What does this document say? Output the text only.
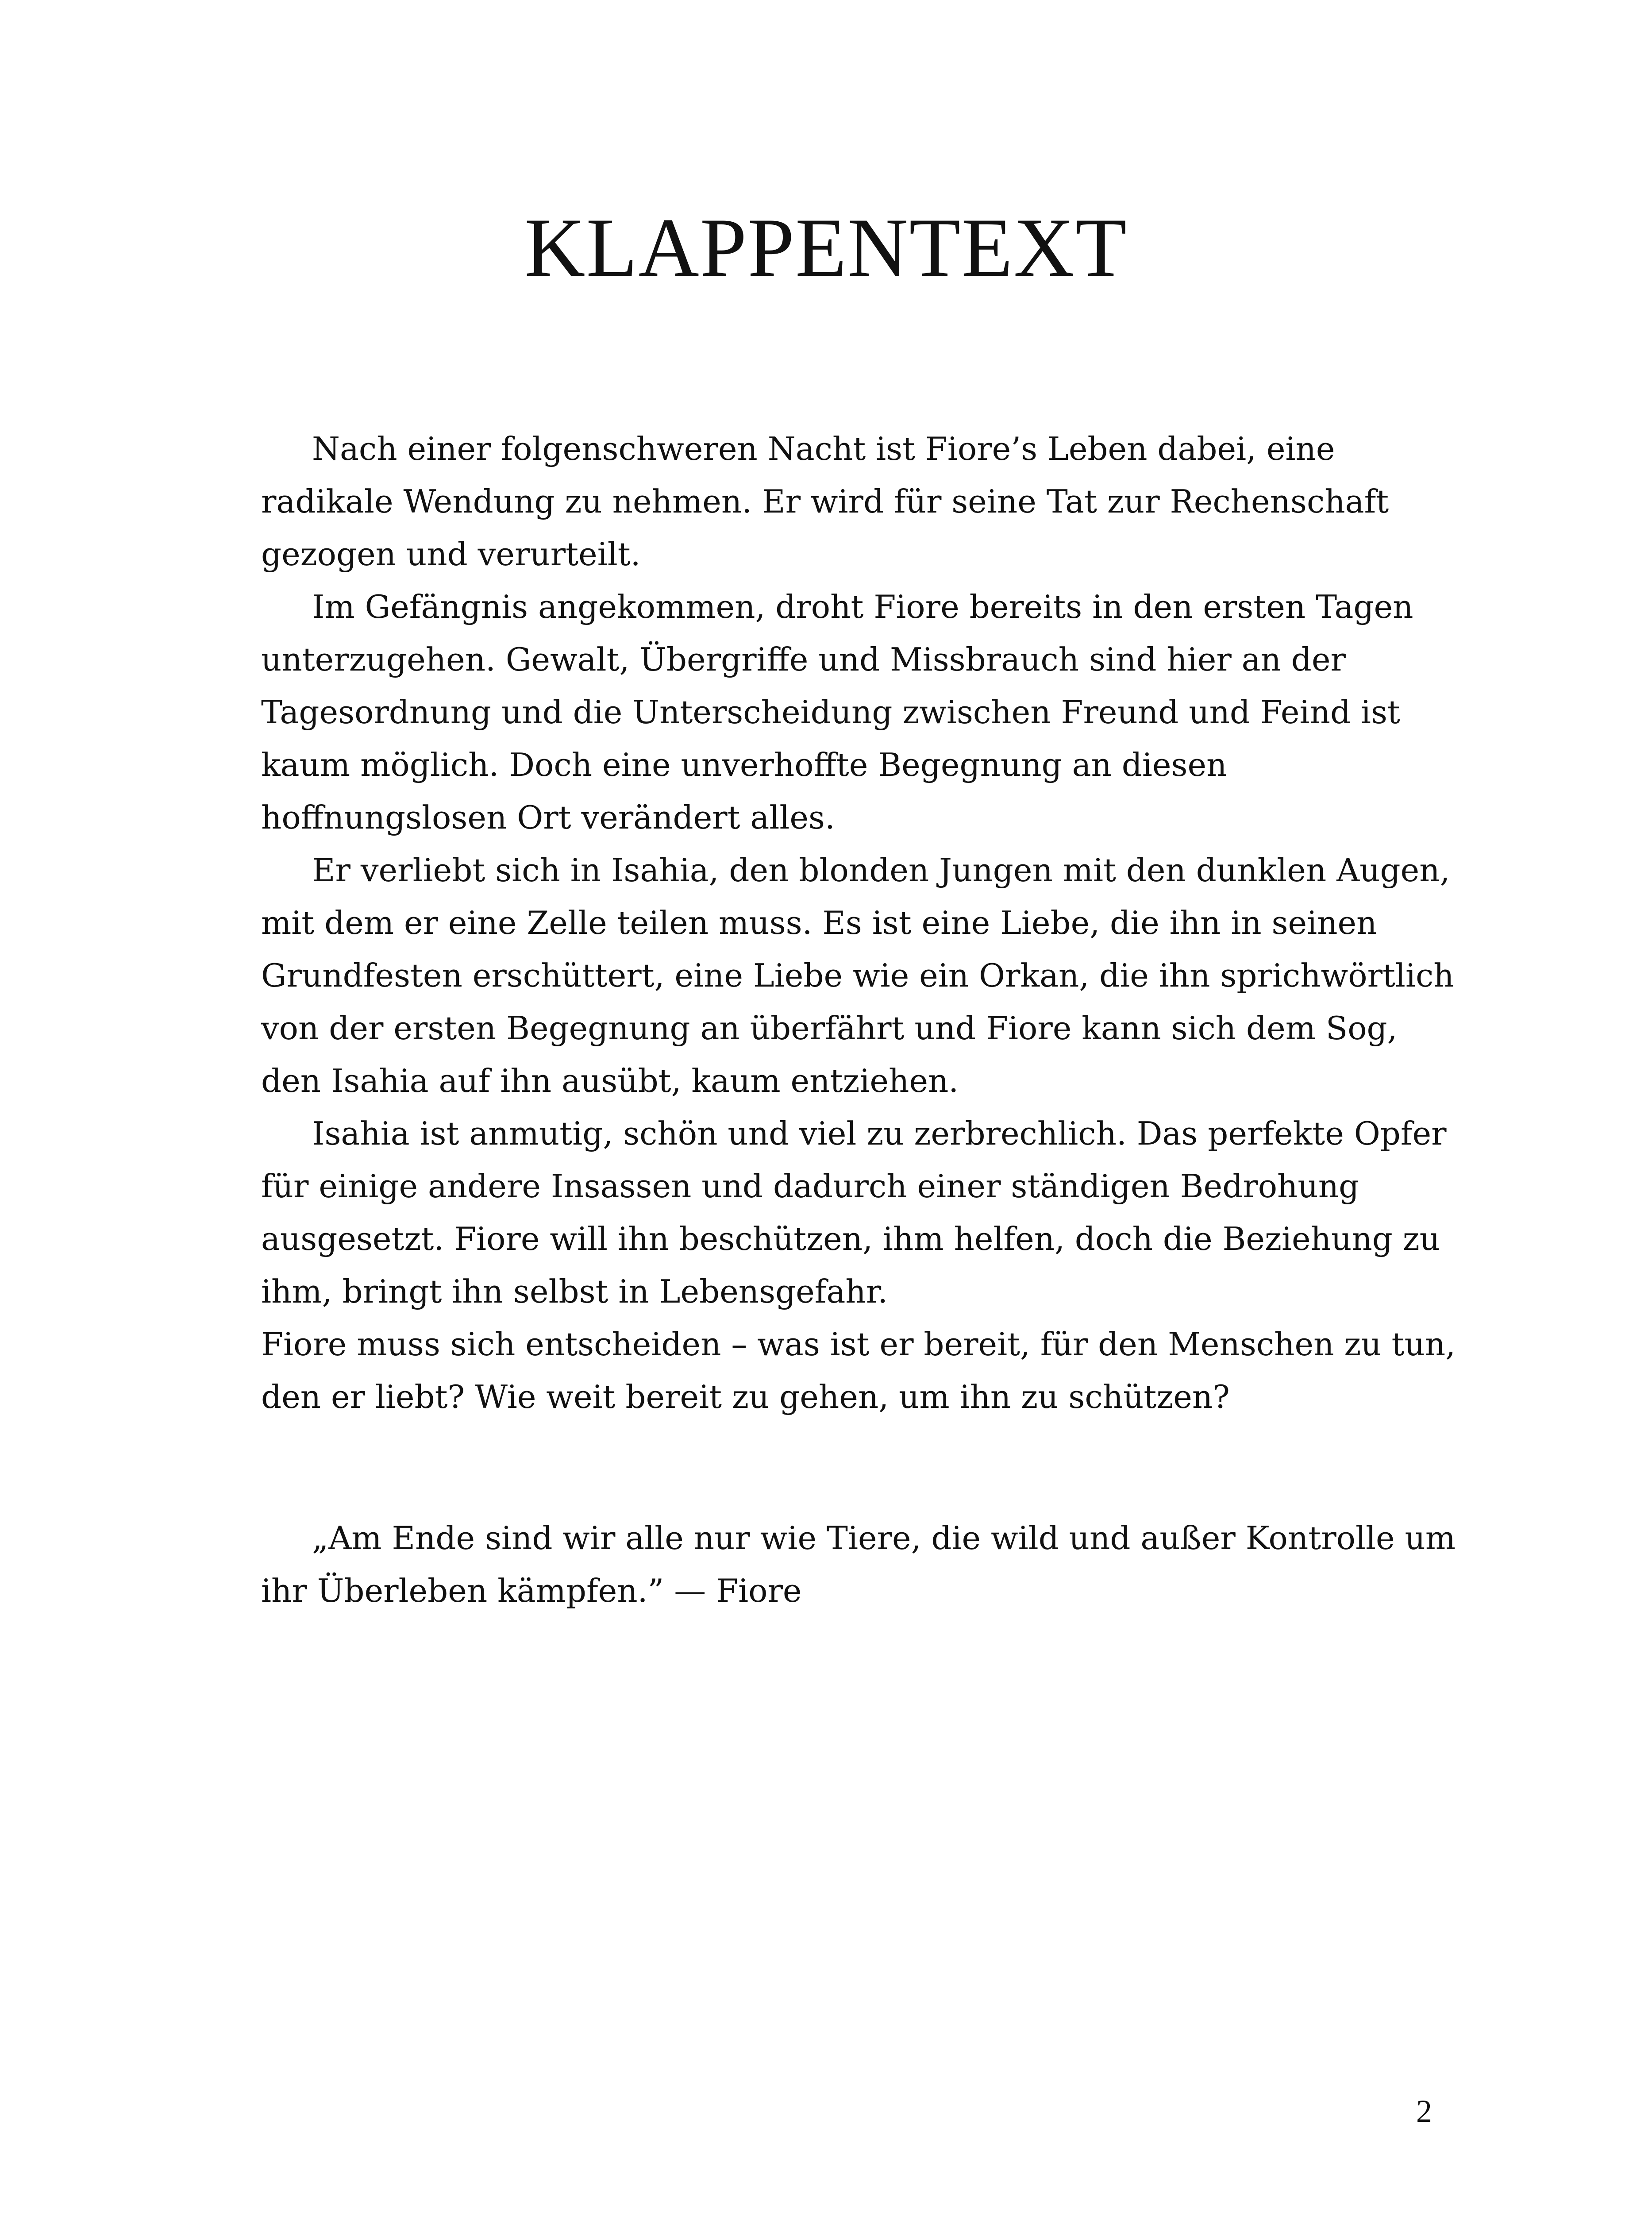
KLAPPENTEXT

Nach einer folgenschweren Nacht ist Fiore’s Leben dabei, eine radikale Wendung zu nehmen. Er wird für seine Tat zur Rechenschaft gezogen und verurteilt.

Im Gefängnis angekommen, droht Fiore bereits in den ersten Tagen unterzugehen. Gewalt, Übergriffe und Missbrauch sind hier an der Tagesordnung und die Unterscheidung zwischen Freund und Feind ist kaum möglich. Doch eine unverhoffte Begegnung an diesen hoffnungslosen Ort verändert alles.

Er verliebt sich in Isahia, den blonden Jungen mit den dunklen Augen, mit dem er eine Zelle teilen muss. Es ist eine Liebe, die ihn in seinen Grundfesten erschüttert, eine Liebe wie ein Orkan, die ihn sprichwörtlich von der ersten Begegnung an überfährt und Fiore kann sich dem Sog, den Isahia auf ihn ausübt, kaum entziehen.

Isahia ist anmutig, schön und viel zu zerbrechlich. Das perfekte Opfer für einige andere Insassen und dadurch einer ständigen Bedrohung ausgesetzt. Fiore will ihn beschützen, ihm helfen, doch die Beziehung zu ihm, bringt ihn selbst in Lebensgefahr.

Fiore muss sich entscheiden – was ist er bereit, für den Menschen zu tun, den er liebt? Wie weit bereit zu gehen, um ihn zu schützen?

„Am Ende sind wir alle nur wie Tiere, die wild und außer Kontrolle um ihr Überleben kämpfen.” — Fiore

2
